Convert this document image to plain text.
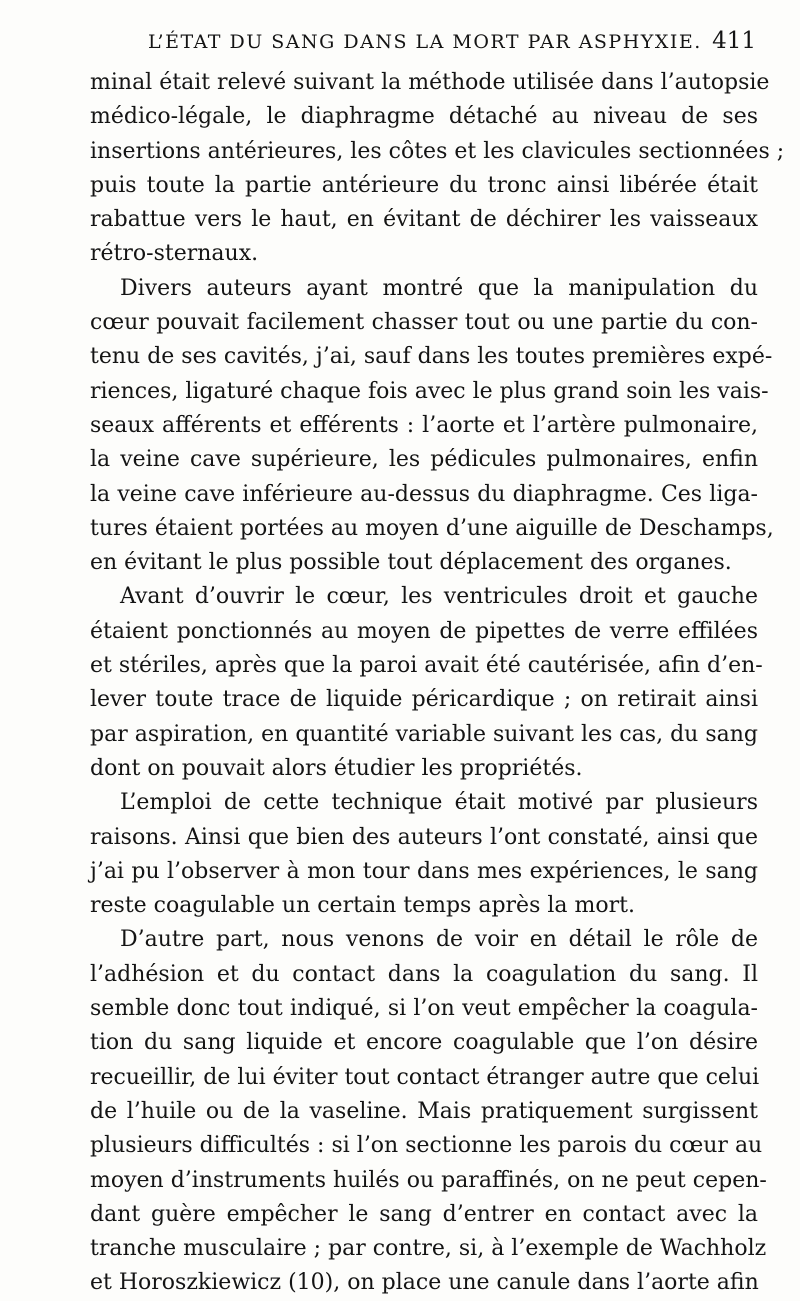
L’ÉTAT DU SANG DANS LA MORT PAR ASPHYXIE. 411
minal était relevé suivant la méthode utilisée dans l’autopsie
médico-légale, le diaphragme détaché au niveau de ses
insertions antérieures, les côtes et les clavicules sectionnées ;
puis toute la partie antérieure du tronc ainsi libérée était
rabattue vers le haut, en évitant de déchirer les vaisseaux
rétro-sternaux.
Divers auteurs ayant montré que la manipulation du
cœur pouvait facilement chasser tout ou une partie du con-
tenu de ses cavités, j’ai, sauf dans les toutes premières expé-
riences, ligaturé chaque fois avec le plus grand soin les vais-
seaux afférents et efférents : l’aorte et l’artère pulmonaire,
la veine cave supérieure, les pédicules pulmonaires, enfin
la veine cave inférieure au-dessus du diaphragme. Ces liga-
tures étaient portées au moyen d’une aiguille de Deschamps,
en évitant le plus possible tout déplacement des organes.
Avant d’ouvrir le cœur, les ventricules droit et gauche
étaient ponctionnés au moyen de pipettes de verre effilées
et stériles, après que la paroi avait été cautérisée, afin d’en-
lever toute trace de liquide péricardique ; on retirait ainsi
par aspiration, en quantité variable suivant les cas, du sang
dont on pouvait alors étudier les propriétés.
L’emploi de cette technique était motivé par plusieurs
raisons. Ainsi que bien des auteurs l’ont constaté, ainsi que
j’ai pu l’observer à mon tour dans mes expériences, le sang
reste coagulable un certain temps après la mort.
D’autre part, nous venons de voir en détail le rôle de
l’adhésion et du contact dans la coagulation du sang. Il
semble donc tout indiqué, si l’on veut empêcher la coagula-
tion du sang liquide et encore coagulable que l’on désire
recueillir, de lui éviter tout contact étranger autre que celui
de l’huile ou de la vaseline. Mais pratiquement surgissent
plusieurs difficultés : si l’on sectionne les parois du cœur au
moyen d’instruments huilés ou paraffinés, on ne peut cepen-
dant guère empêcher le sang d’entrer en contact avec la
tranche musculaire ; par contre, si, à l’exemple de Wachholz
et Horoszkiewicz (10), on place une canule dans l’aorte afin
